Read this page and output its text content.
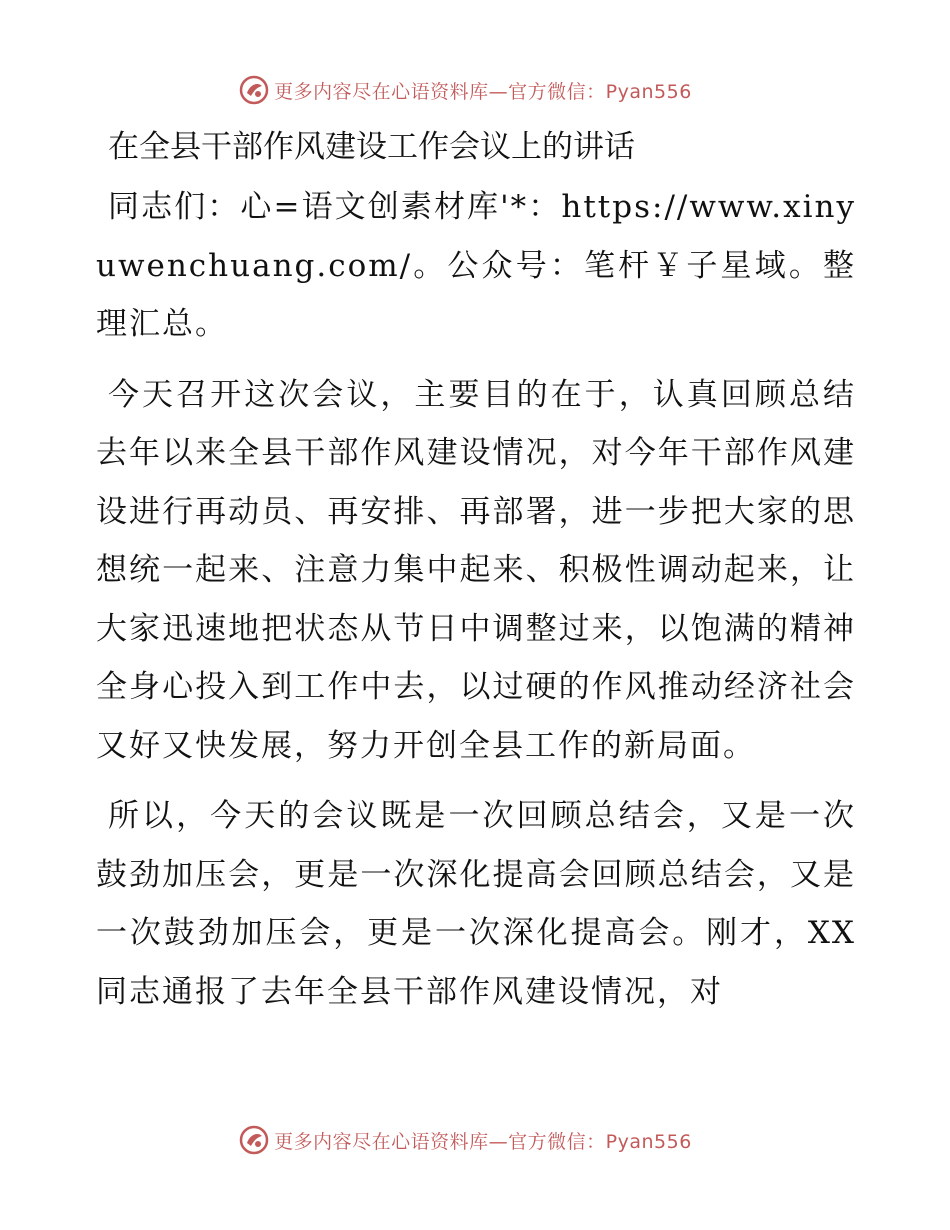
更多内容尽在心语资料库—官方微信：Pyan556
在全县干部作风建设工作会议上的讲话

同志们：心=语文创素材库'*：https://www.xinyuwenchuang.com/。公众号：笔杆￥子星域。整理汇总。

今天召开这次会议，主要目的在于，认真回顾总结去年以来全县干部作风建设情况，对今年干部作风建设进行再动员、再安排、再部署，进一步把大家的思想统一起来、注意力集中起来、积极性调动起来，让大家迅速地把状态从节日中调整过来，以饱满的精神全身心投入到工作中去，以过硬的作风推动经济社会又好又快发展，努力开创全县工作的新局面。

所以，今天的会议既是一次回顾总结会，又是一次鼓劲加压会，更是一次深化提高会回顾总结会，又是一次鼓劲加压会，更是一次深化提高会。刚才，XX同志通报了去年全县干部作风建设情况，对

更多内容尽在心语资料库—官方微信：Pyan556
